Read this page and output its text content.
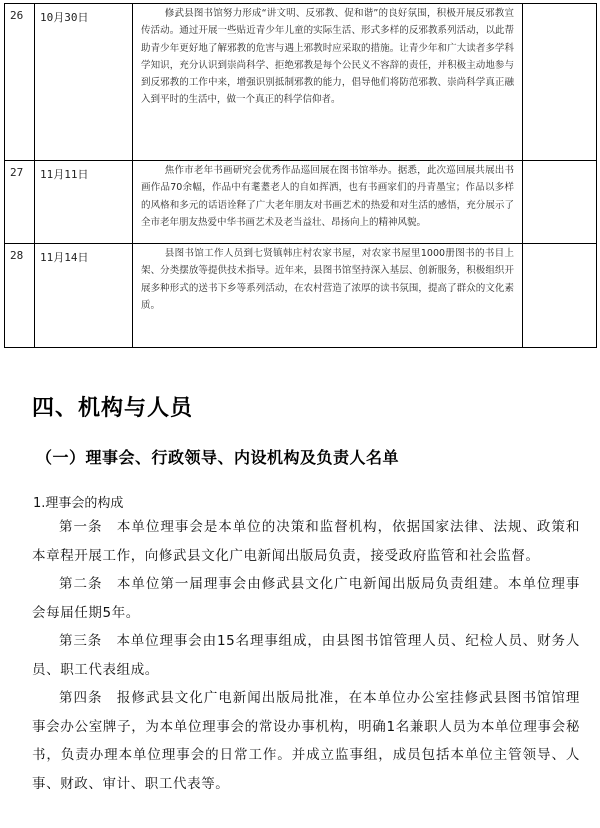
26	10月30日	修武县图书馆努力形成“讲文明、反邪教、促和谐”的良好氛围，积极开展反邪教宣传活动。通过开展一些贴近青少年儿童的实际生活、形式多样的反邪教系列活动，以此帮助青少年更好地了解邪教的危害与遇上邪教时应采取的措施。让青少年和广大读者多学科学知识，充分认识到崇尚科学、拒绝邪教是每个公民义不容辞的责任，并积极主动地参与到反邪教的工作中来，增强识别抵制邪教的能力，倡导他们将防范邪教、崇尚科学真正融入到平时的生活中，做一个真正的科学信仰者。	

27	11月11日	焦作市老年书画研究会优秀作品巡回展在图书馆举办。据悉，此次巡回展共展出书画作品70余幅，作品中有耄耋老人的自如挥洒，也有书画家们的丹青墨宝；作品以多样的风格和多元的话语诠释了广大老年朋友对书画艺术的热爱和对生活的感悟，充分展示了全市老年朋友热爱中华书画艺术及老当益壮、昂扬向上的精神风貌。	

28	11月14日	县图书馆工作人员到七贤镇韩庄村农家书屋，对农家书屋里1000册图书的书目上架、分类摆放等提供技术指导。近年来，县图书馆坚持深入基层、创新服务，积极组织开展多种形式的送书下乡等系列活动，在农村营造了浓厚的读书氛围，提高了群众的文化素质。	

四、机构与人员
（一）理事会、行政领导、内设机构及负责人名单
1.理事会的构成

第一条　本单位理事会是本单位的决策和监督机构，依据国家法律、法规、政策和本章程开展工作，向修武县文化广电新闻出版局负责，接受政府监管和社会监督。

第二条　本单位第一届理事会由修武县文化广电新闻出版局负责组建。本单位理事会每届任期5年。

第三条　本单位理事会由15名理事组成，由县图书馆管理人员、纪检人员、财务人员、职工代表组成。

第四条　报修武县文化广电新闻出版局批准，在本单位办公室挂修武县图书馆馆理事会办公室牌子，为本单位理事会的常设办事机构，明确1名兼职人员为本单位理事会秘书，负责办理本单位理事会的日常工作。并成立监事组，成员包括本单位主管领导、人事、财政、审计、职工代表等。
